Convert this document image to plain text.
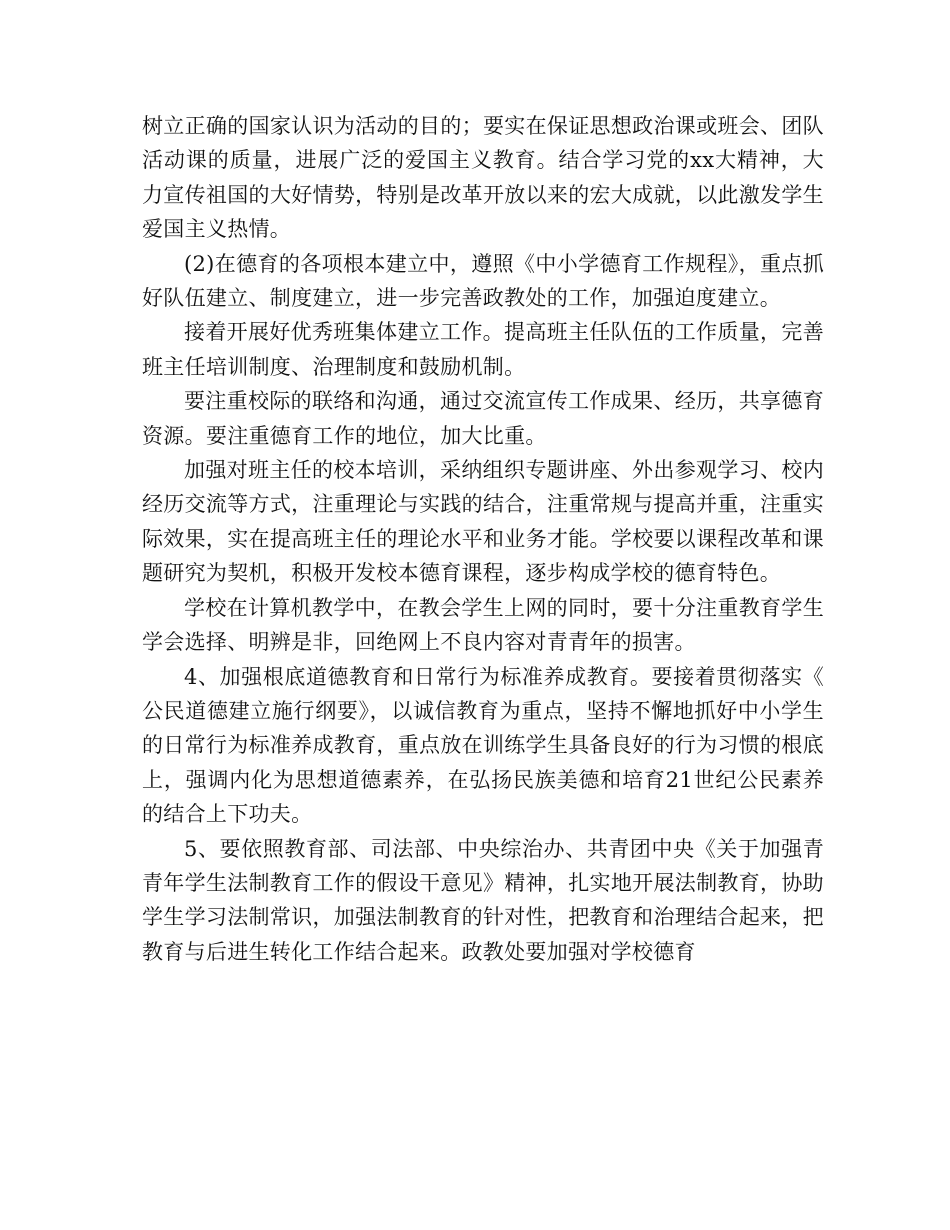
树立正确的国家认识为活动的目的；要实在保证思想政治课或班会、团队活动课的质量，进展广泛的爱国主义教育。结合学习党的xx大精神，大力宣传祖国的大好情势，特别是改革开放以来的宏大成就，以此激发学生爱国主义热情。

(2)在德育的各项根本建立中，遵照《中小学德育工作规程》，重点抓好队伍建立、制度建立，进一步完善政教处的工作，加强迫度建立。

接着开展好优秀班集体建立工作。提高班主任队伍的工作质量，完善班主任培训制度、治理制度和鼓励机制。

要注重校际的联络和沟通，通过交流宣传工作成果、经历，共享德育资源。要注重德育工作的地位，加大比重。

加强对班主任的校本培训，采纳组织专题讲座、外出参观学习、校内经历交流等方式，注重理论与实践的结合，注重常规与提高并重，注重实际效果，实在提高班主任的理论水平和业务才能。学校要以课程改革和课题研究为契机，积极开发校本德育课程，逐步构成学校的德育特色。

学校在计算机教学中，在教会学生上网的同时，要十分注重教育学生学会选择、明辨是非，回绝网上不良内容对青青年的损害。

4、加强根底道德教育和日常行为标准养成教育。要接着贯彻落实《公民道德建立施行纲要》，以诚信教育为重点，坚持不懈地抓好中小学生的日常行为标准养成教育，重点放在训练学生具备良好的行为习惯的根底上，强调内化为思想道德素养，在弘扬民族美德和培育21世纪公民素养的结合上下功夫。

5、要依照教育部、司法部、中央综治办、共青团中央《关于加强青青年学生法制教育工作的假设干意见》精神，扎实地开展法制教育，协助学生学习法制常识，加强法制教育的针对性，把教育和治理结合起来，把教育与后进生转化工作结合起来。政教处要加强对学校德育
